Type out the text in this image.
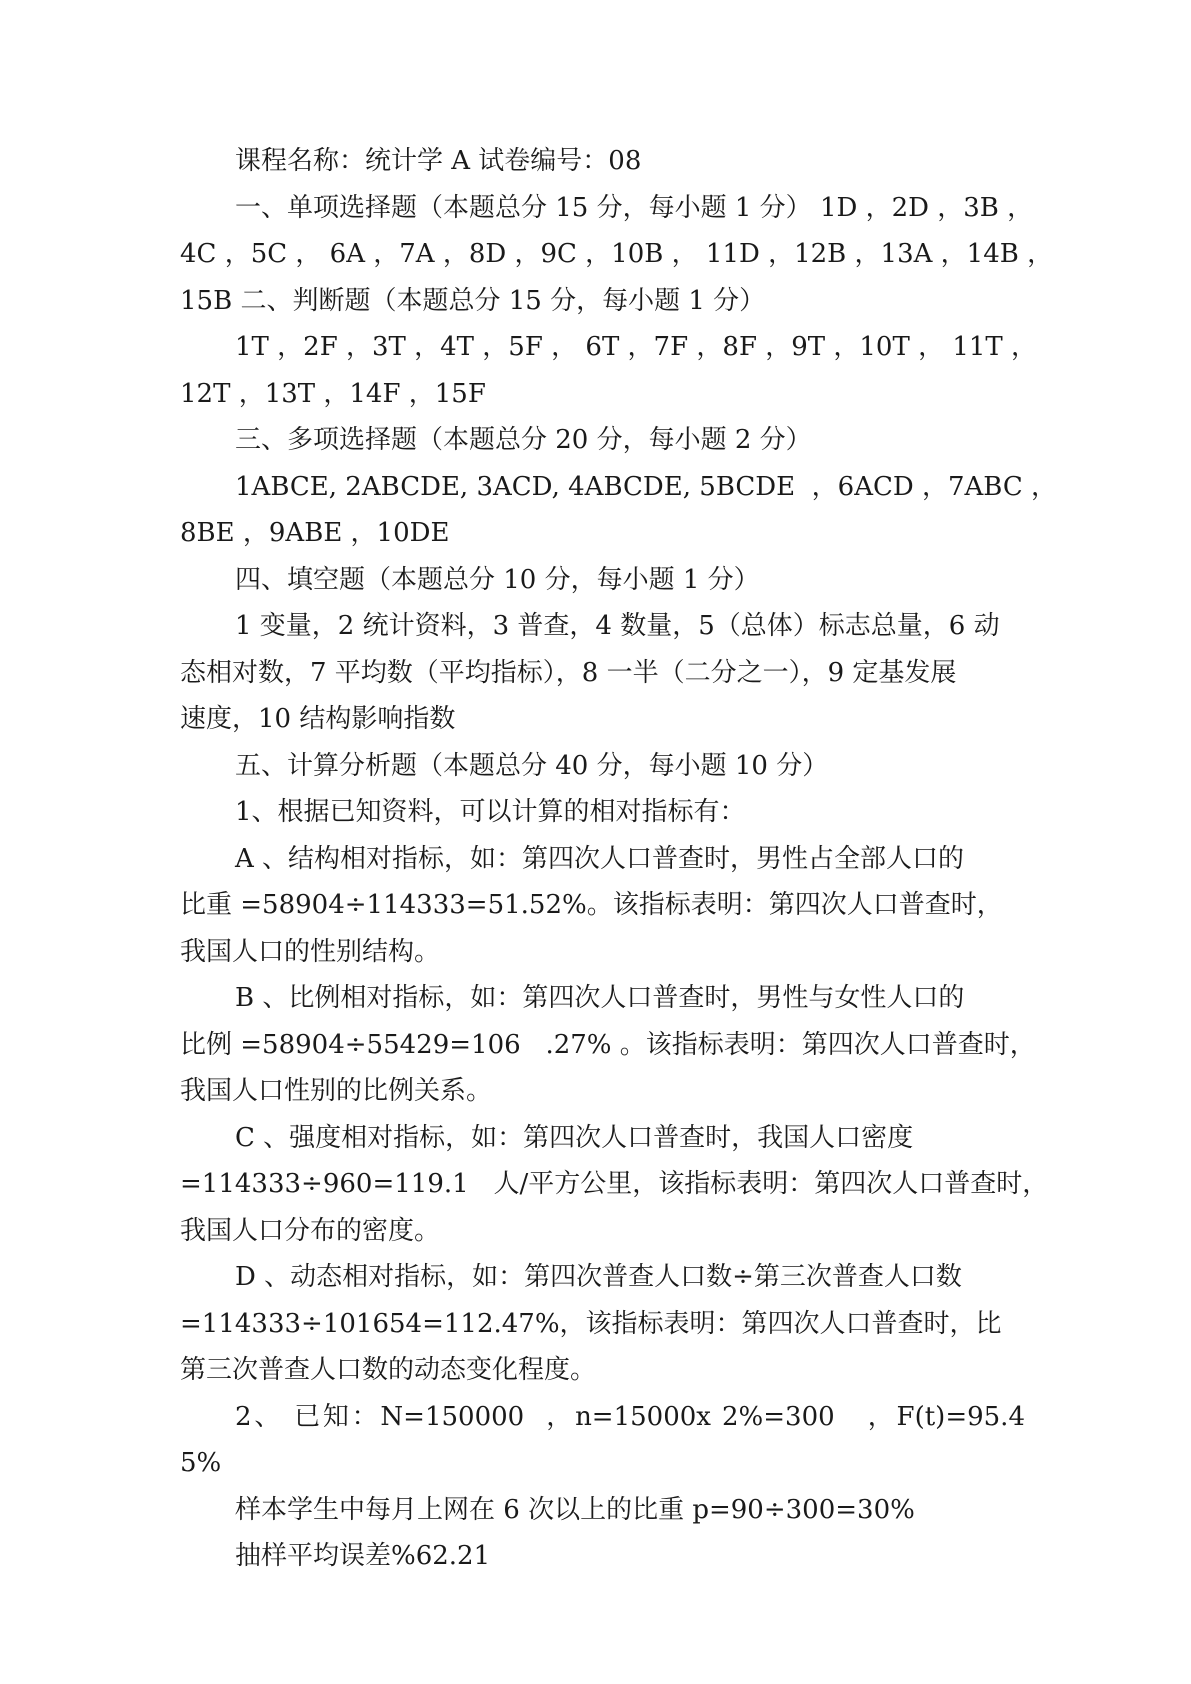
课程名称：统计学 A 试卷编号：08
一、单项选择题（本题总分 15 分，每小题 1 分） 1D ，2D ，3B ，
4C ，5C ， 6A ，7A ，8D ，9C ，10B ， 11D ，12B ，13A ，14B ，
15B 二、判断题（本题总分 15 分，每小题 1 分）
1T ，2F ，3T ，4T ，5F ， 6T ，7F ，8F ，9T ，10T ， 11T ，
12T ，13T ，14F ，15F
三、多项选择题（本题总分 20 分，每小题 2 分）
1ABCE, 2ABCDE, 3ACD, 4ABCDE, 5BCDE  ，6ACD ，7ABC ，
8BE ，9ABE ，10DE
四、填空题（本题总分 10 分，每小题 1 分）
1 变量，2 统计资料，3 普查，4 数量，5（总体）标志总量，6 动
态相对数，7 平均数（平均指标），8 一半（二分之一），9 定基发展
速度，10 结构影响指数
五、计算分析题（本题总分 40 分，每小题 10 分）
1、根据已知资料，可以计算的相对指标有：
A 、结构相对指标，如：第四次人口普查时，男性占全部人口的
比重 =58904÷114333=51.52%。该指标表明：第四次人口普查时，
我国人口的性别结构。
B 、比例相对指标，如：第四次人口普查时，男性与女性人口的
比例 =58904÷55429=106   .27% 。该指标表明：第四次人口普查时，
我国人口性别的比例关系。
C 、强度相对指标，如：第四次人口普查时，我国人口密度
=114333÷960=119.1   人/平方公里，该指标表明：第四次人口普查时，
我国人口分布的密度。
D 、动态相对指标，如：第四次普查人口数÷第三次普查人口数
=114333÷101654=112.47%，该指标表明：第四次人口普查时，比
第三次普查人口数的动态变化程度。
2、 已知：N=150000  ，n=15000x 2%=300   ，F(t)=95.45%
样本学生中每月上网在 6 次以上的比重 p=90÷300=30%
抽样平均误差%62.21
